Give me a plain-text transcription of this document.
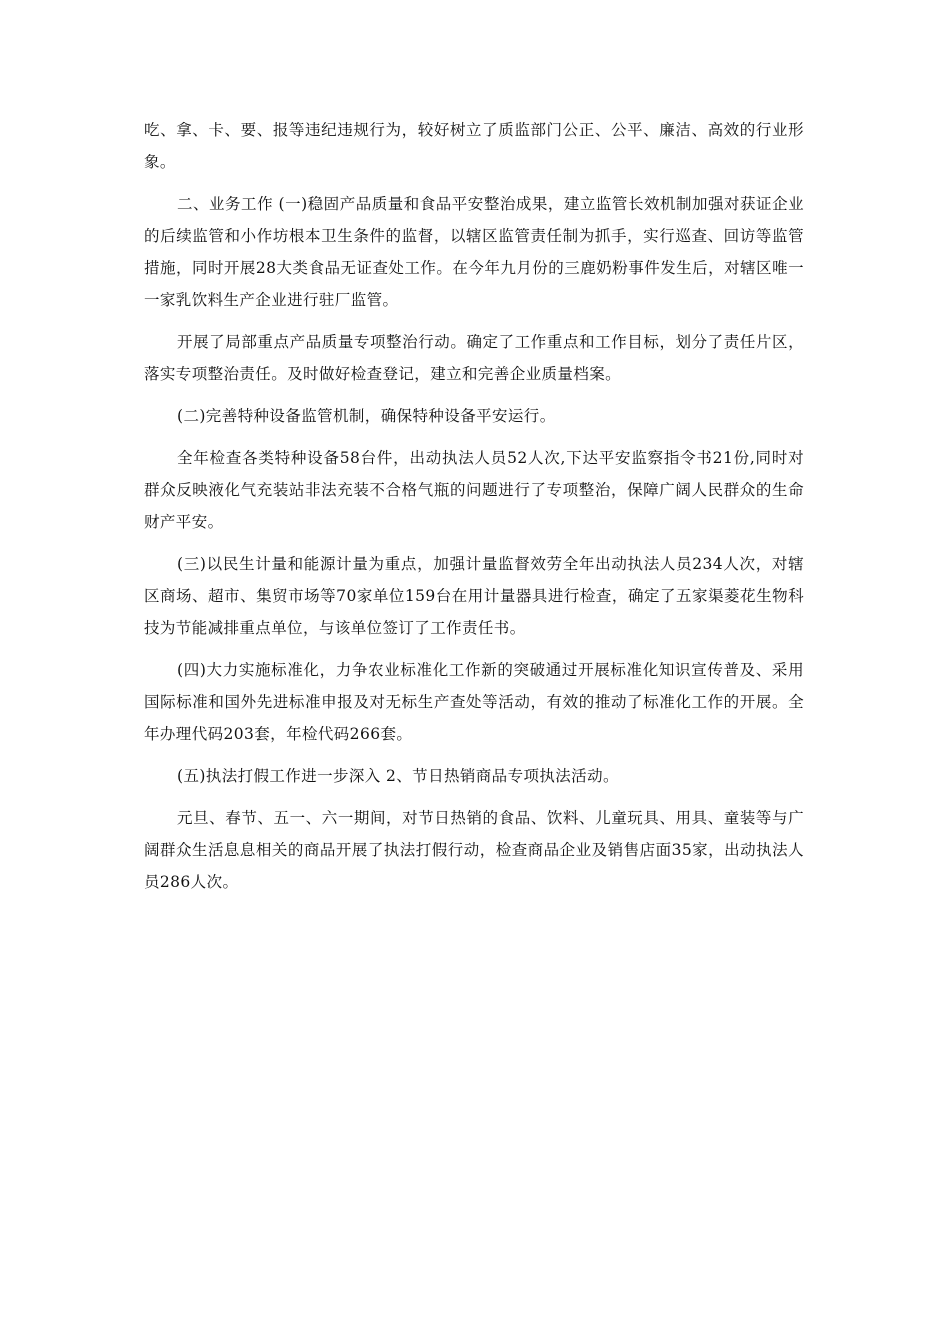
吃、拿、卡、要、报等违纪违规行为，较好树立了质监部门公正、公平、廉洁、高效的行业形象。

二、业务工作 (一)稳固产品质量和食品平安整治成果，建立监管长效机制加强对获证企业的后续监管和小作坊根本卫生条件的监督，以辖区监管责任制为抓手，实行巡查、回访等监管措施，同时开展28大类食品无证查处工作。在今年九月份的三鹿奶粉事件发生后，对辖区唯一一家乳饮料生产企业进行驻厂监管。

开展了局部重点产品质量专项整治行动。确定了工作重点和工作目标，划分了责任片区，落实专项整治责任。及时做好检查登记，建立和完善企业质量档案。

(二)完善特种设备监管机制，确保特种设备平安运行。

全年检查各类特种设备58台件，出动执法人员52人次,下达平安监察指令书21份,同时对群众反映液化气充装站非法充装不合格气瓶的问题进行了专项整治，保障广阔人民群众的生命财产平安。

(三)以民生计量和能源计量为重点，加强计量监督效劳全年出动执法人员234人次，对辖区商场、超市、集贸市场等70家单位159台在用计量器具进行检查，确定了五家渠菱花生物科技为节能减排重点单位，与该单位签订了工作责任书。

(四)大力实施标准化，力争农业标准化工作新的突破通过开展标准化知识宣传普及、采用国际标准和国外先进标准申报及对无标生产查处等活动，有效的推动了标准化工作的开展。全年办理代码203套，年检代码266套。

(五)执法打假工作进一步深入 2、节日热销商品专项执法活动。

元旦、春节、五一、六一期间，对节日热销的食品、饮料、儿童玩具、用具、童装等与广阔群众生活息息相关的商品开展了执法打假行动，检查商品企业及销售店面35家，出动执法人员286人次。
